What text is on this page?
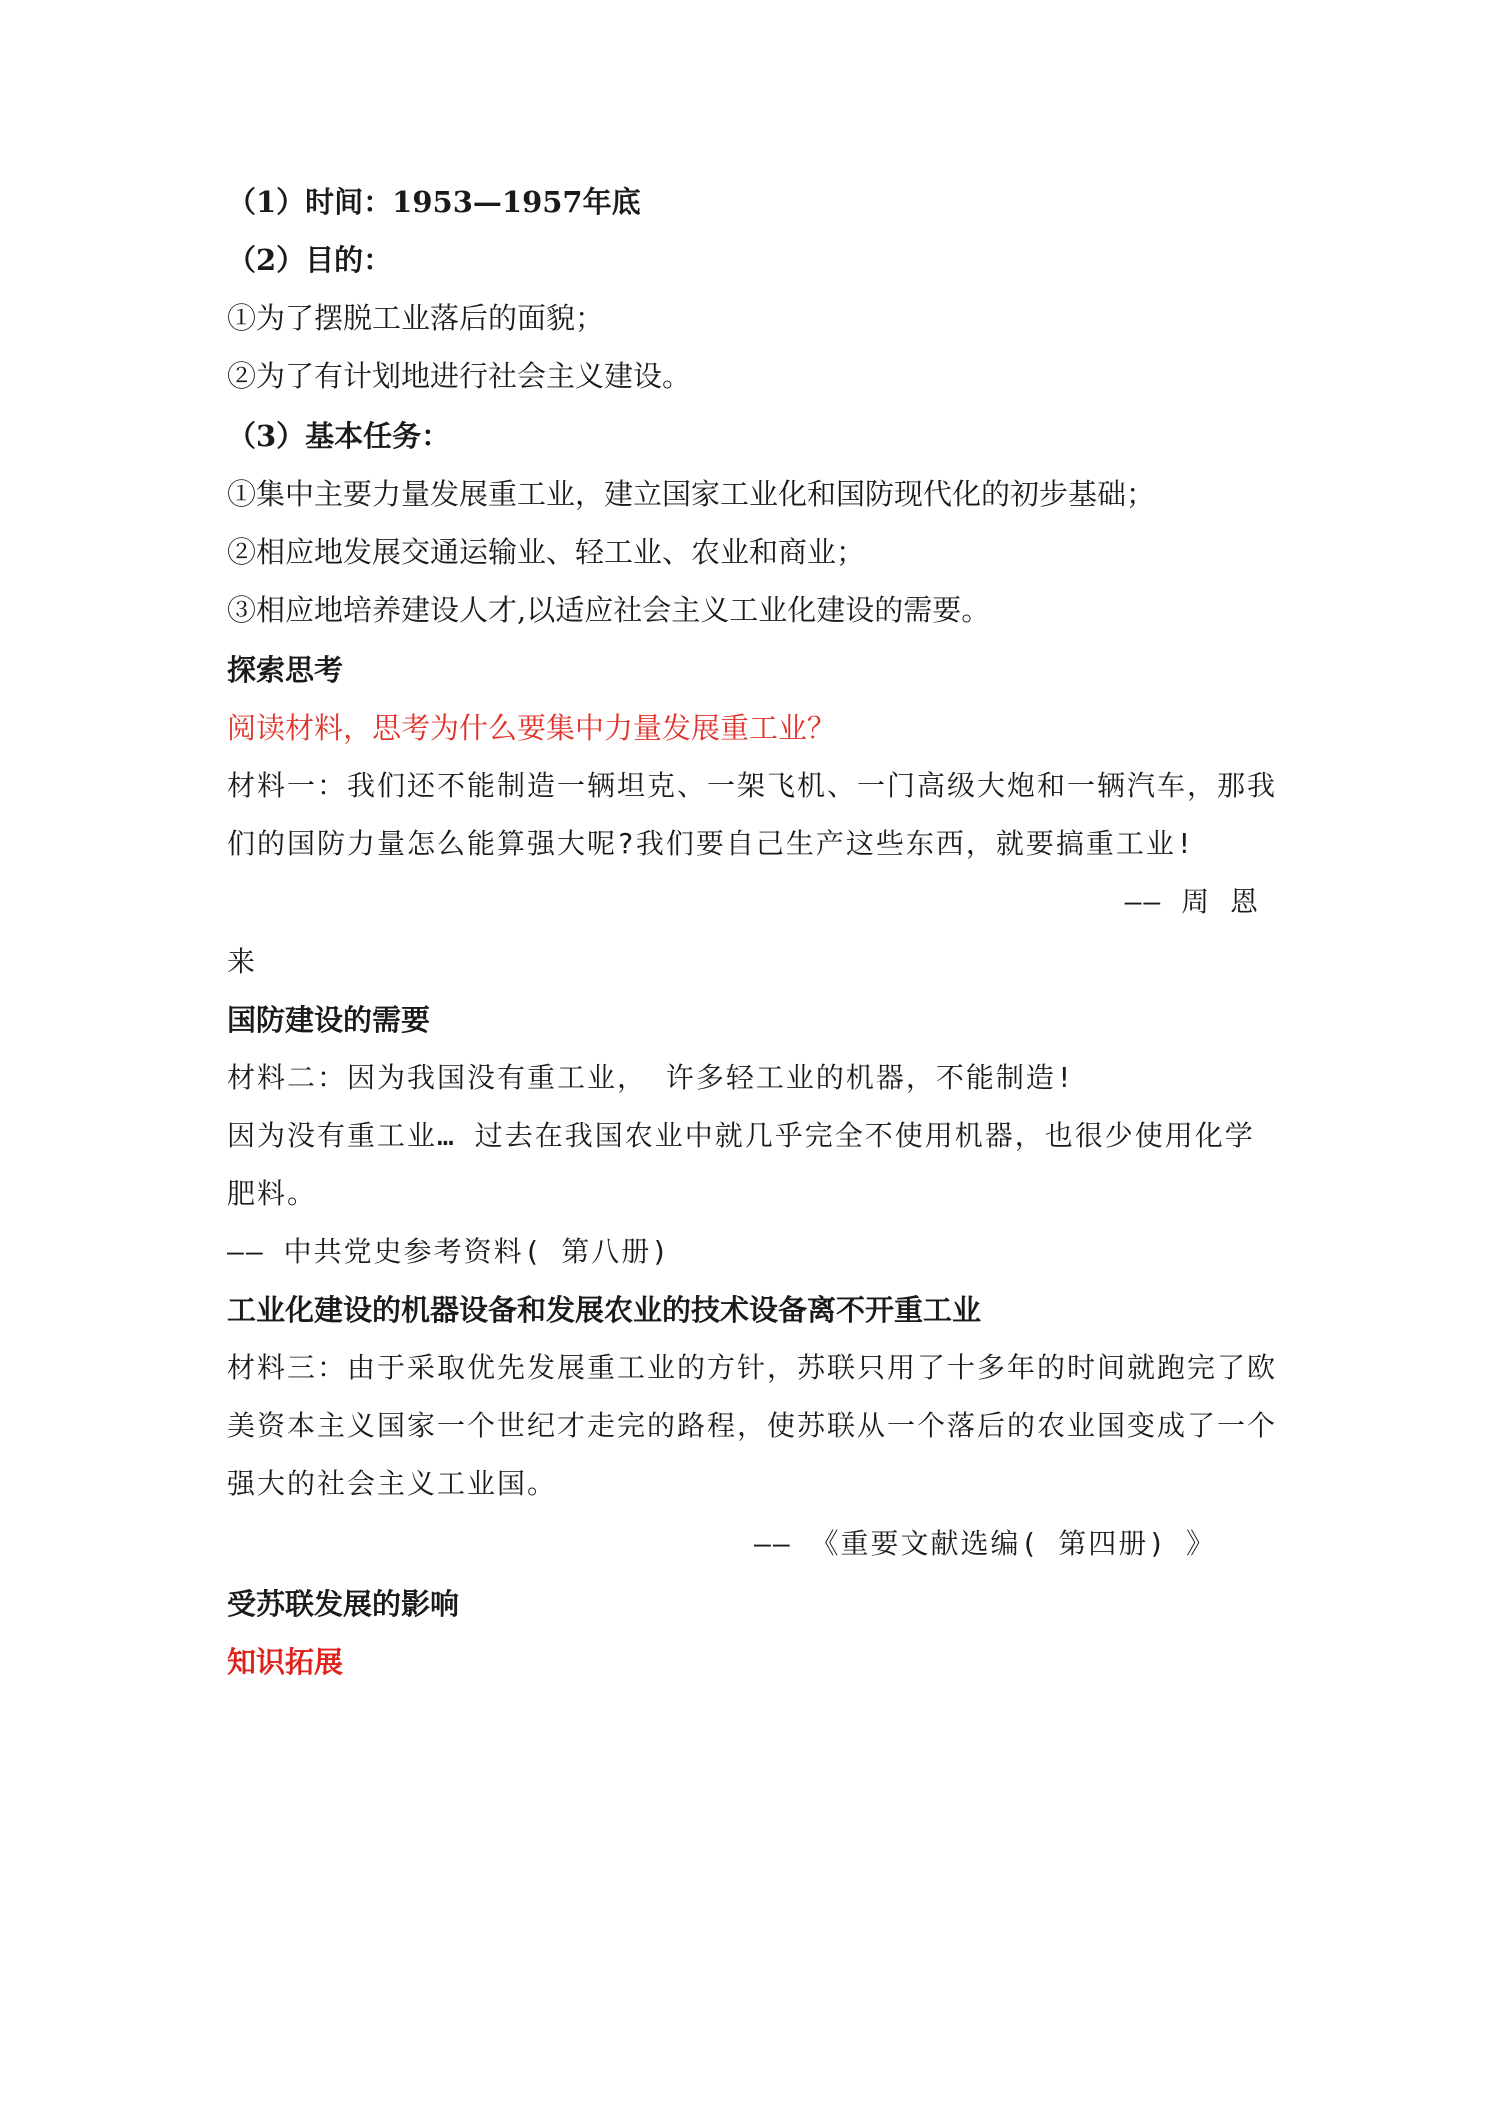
（1）时间：1953—1957年底
（2）目的：
①为了摆脱工业落后的面貌；
②为了有计划地进行社会主义建设。
（3）基本任务：
①集中主要力量发展重工业，建立国家工业化和国防现代化的初步基础；
②相应地发展交通运输业、轻工业、农业和商业；
③相应地培养建设人才,以适应社会主义工业化建设的需要。
探索思考
阅读材料，思考为什么要集中力量发展重工业？
材料一：我们还不能制造一辆坦克、一架飞机、一门高级大炮和一辆汽车，那我
们的国防力量怎么能算强大呢?我们要自己生产这些东西，就要搞重工业!
—— 周 恩
来
国防建设的需要
材料二：因为我国没有重工业， 许多轻工业的机器，不能制造!
因为没有重工业… 过去在我国农业中就几乎完全不使用机器，也很少使用化学
肥料。
—— 中共党史参考资料( 第八册)
工业化建设的机器设备和发展农业的技术设备离不开重工业
材料三：由于采取优先发展重工业的方针，苏联只用了十多年的时间就跑完了欧
美资本主义国家一个世纪才走完的路程，使苏联从一个落后的农业国变成了一个
强大的社会主义工业国。
—— 《重要文献选编( 第四册) 》
受苏联发展的影响
知识拓展
